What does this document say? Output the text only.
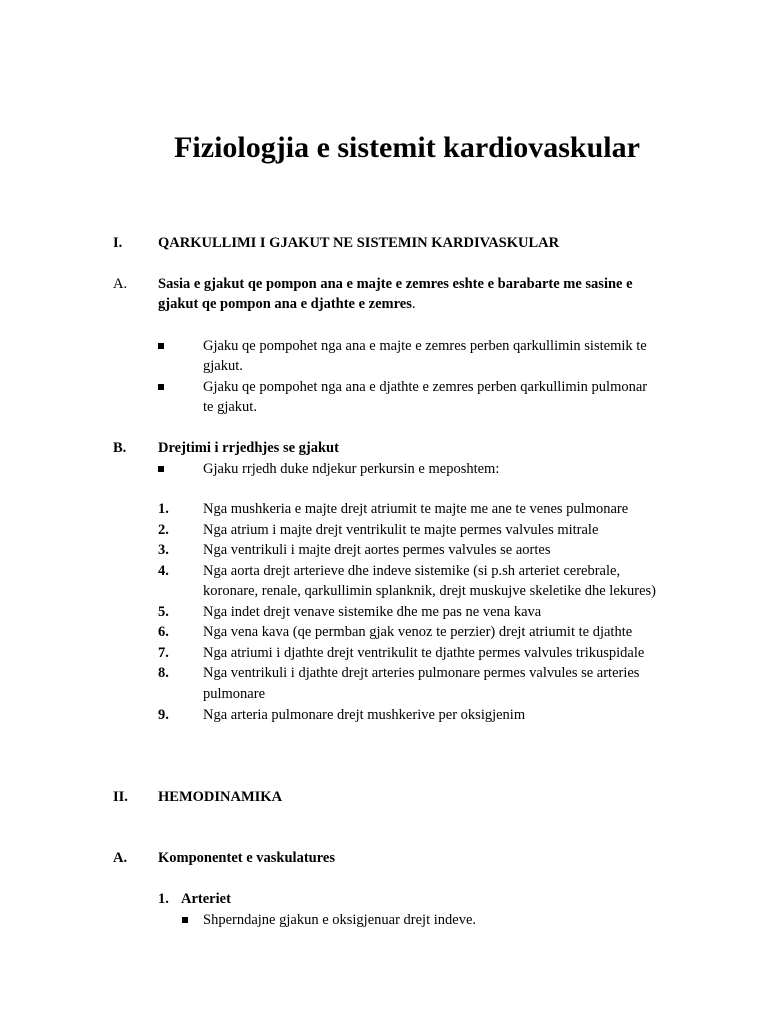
Fiziologjia e sistemit kardiovaskular
I. QARKULLIMI I GJAKUT NE SISTEMIN KARDIVASKULAR
A. Sasia e gjakut qe pompon ana e majte e zemres eshte e barabarte me sasine e
gjakut qe pompon ana e djathte e zemres.
Gjaku qe pompohet nga ana e majte e zemres perben qarkullimin sistemik te
gjakut.
Gjaku qe pompohet nga ana e djathte e zemres perben qarkullimin pulmonar
te gjakut.
B. Drejtimi i rrjedhjes se gjakut
Gjaku rrjedh duke ndjekur perkursin e meposhtem:
1. Nga mushkeria e majte drejt atriumit te majte me ane te venes pulmonare
2. Nga atrium i majte drejt ventrikulit te majte permes valvules mitrale
3. Nga ventrikuli i majte drejt aortes permes valvules se aortes
4. Nga aorta drejt arterieve dhe indeve sistemike (si p.sh arteriet cerebrale,
koronare, renale, qarkullimin splanknik, drejt muskujve skeletike dhe lekures)
5. Nga indet drejt venave sistemike dhe me pas ne vena kava
6. Nga vena kava (qe permban gjak venoz te perzier) drejt atriumit te djathte
7. Nga atriumi i djathte drejt ventrikulit te djathte permes valvules trikuspidale
8. Nga ventrikuli i djathte drejt arteries pulmonare permes valvules se arteries
pulmonare
9. Nga arteria pulmonare drejt mushkerive per oksigjenim
II. HEMODINAMIKA
A. Komponentet e vaskulatures
1. Arteriet
Shperndajne gjakun e oksigjenuar drejt indeve.
